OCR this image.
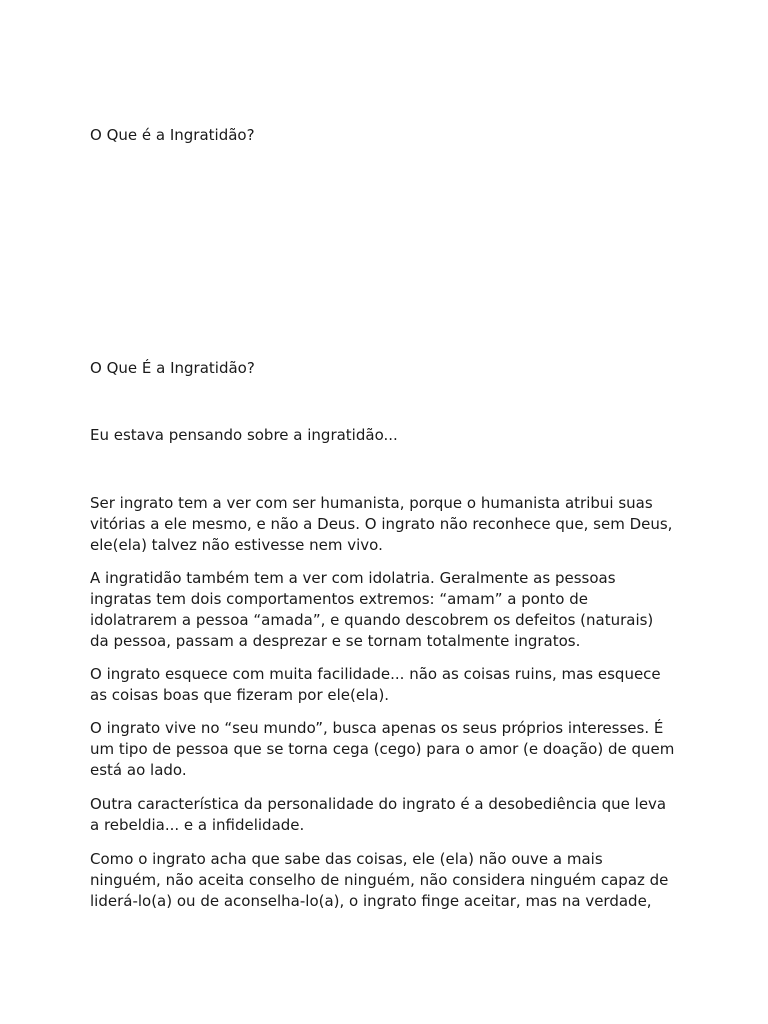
O Que é a Ingratidão?

O Que É a Ingratidão?

Eu estava pensando sobre a ingratidão...

Ser ingrato tem a ver com ser humanista, porque o humanista atribui suas
vitórias a ele mesmo, e não a Deus. O ingrato não reconhece que, sem Deus,
ele(ela) talvez não estivesse nem vivo.

A ingratidão também tem a ver com idolatria. Geralmente as pessoas
ingratas tem dois comportamentos extremos: “amam” a ponto de
idolatrarem a pessoa “amada”, e quando descobrem os defeitos (naturais)
da pessoa, passam a desprezar e se tornam totalmente ingratos.

O ingrato esquece com muita facilidade... não as coisas ruins, mas esquece
as coisas boas que fizeram por ele(ela).

O ingrato vive no “seu mundo”, busca apenas os seus próprios interesses. É
um tipo de pessoa que se torna cega (cego) para o amor (e doação) de quem
está ao lado.

Outra característica da personalidade do ingrato é a desobediência que leva
a rebeldia... e a infidelidade.

Como o ingrato acha que sabe das coisas, ele (ela) não ouve a mais
ninguém, não aceita conselho de ninguém, não considera ninguém capaz de
liderá-lo(a) ou de aconselha-lo(a), o ingrato finge aceitar, mas na verdade,
